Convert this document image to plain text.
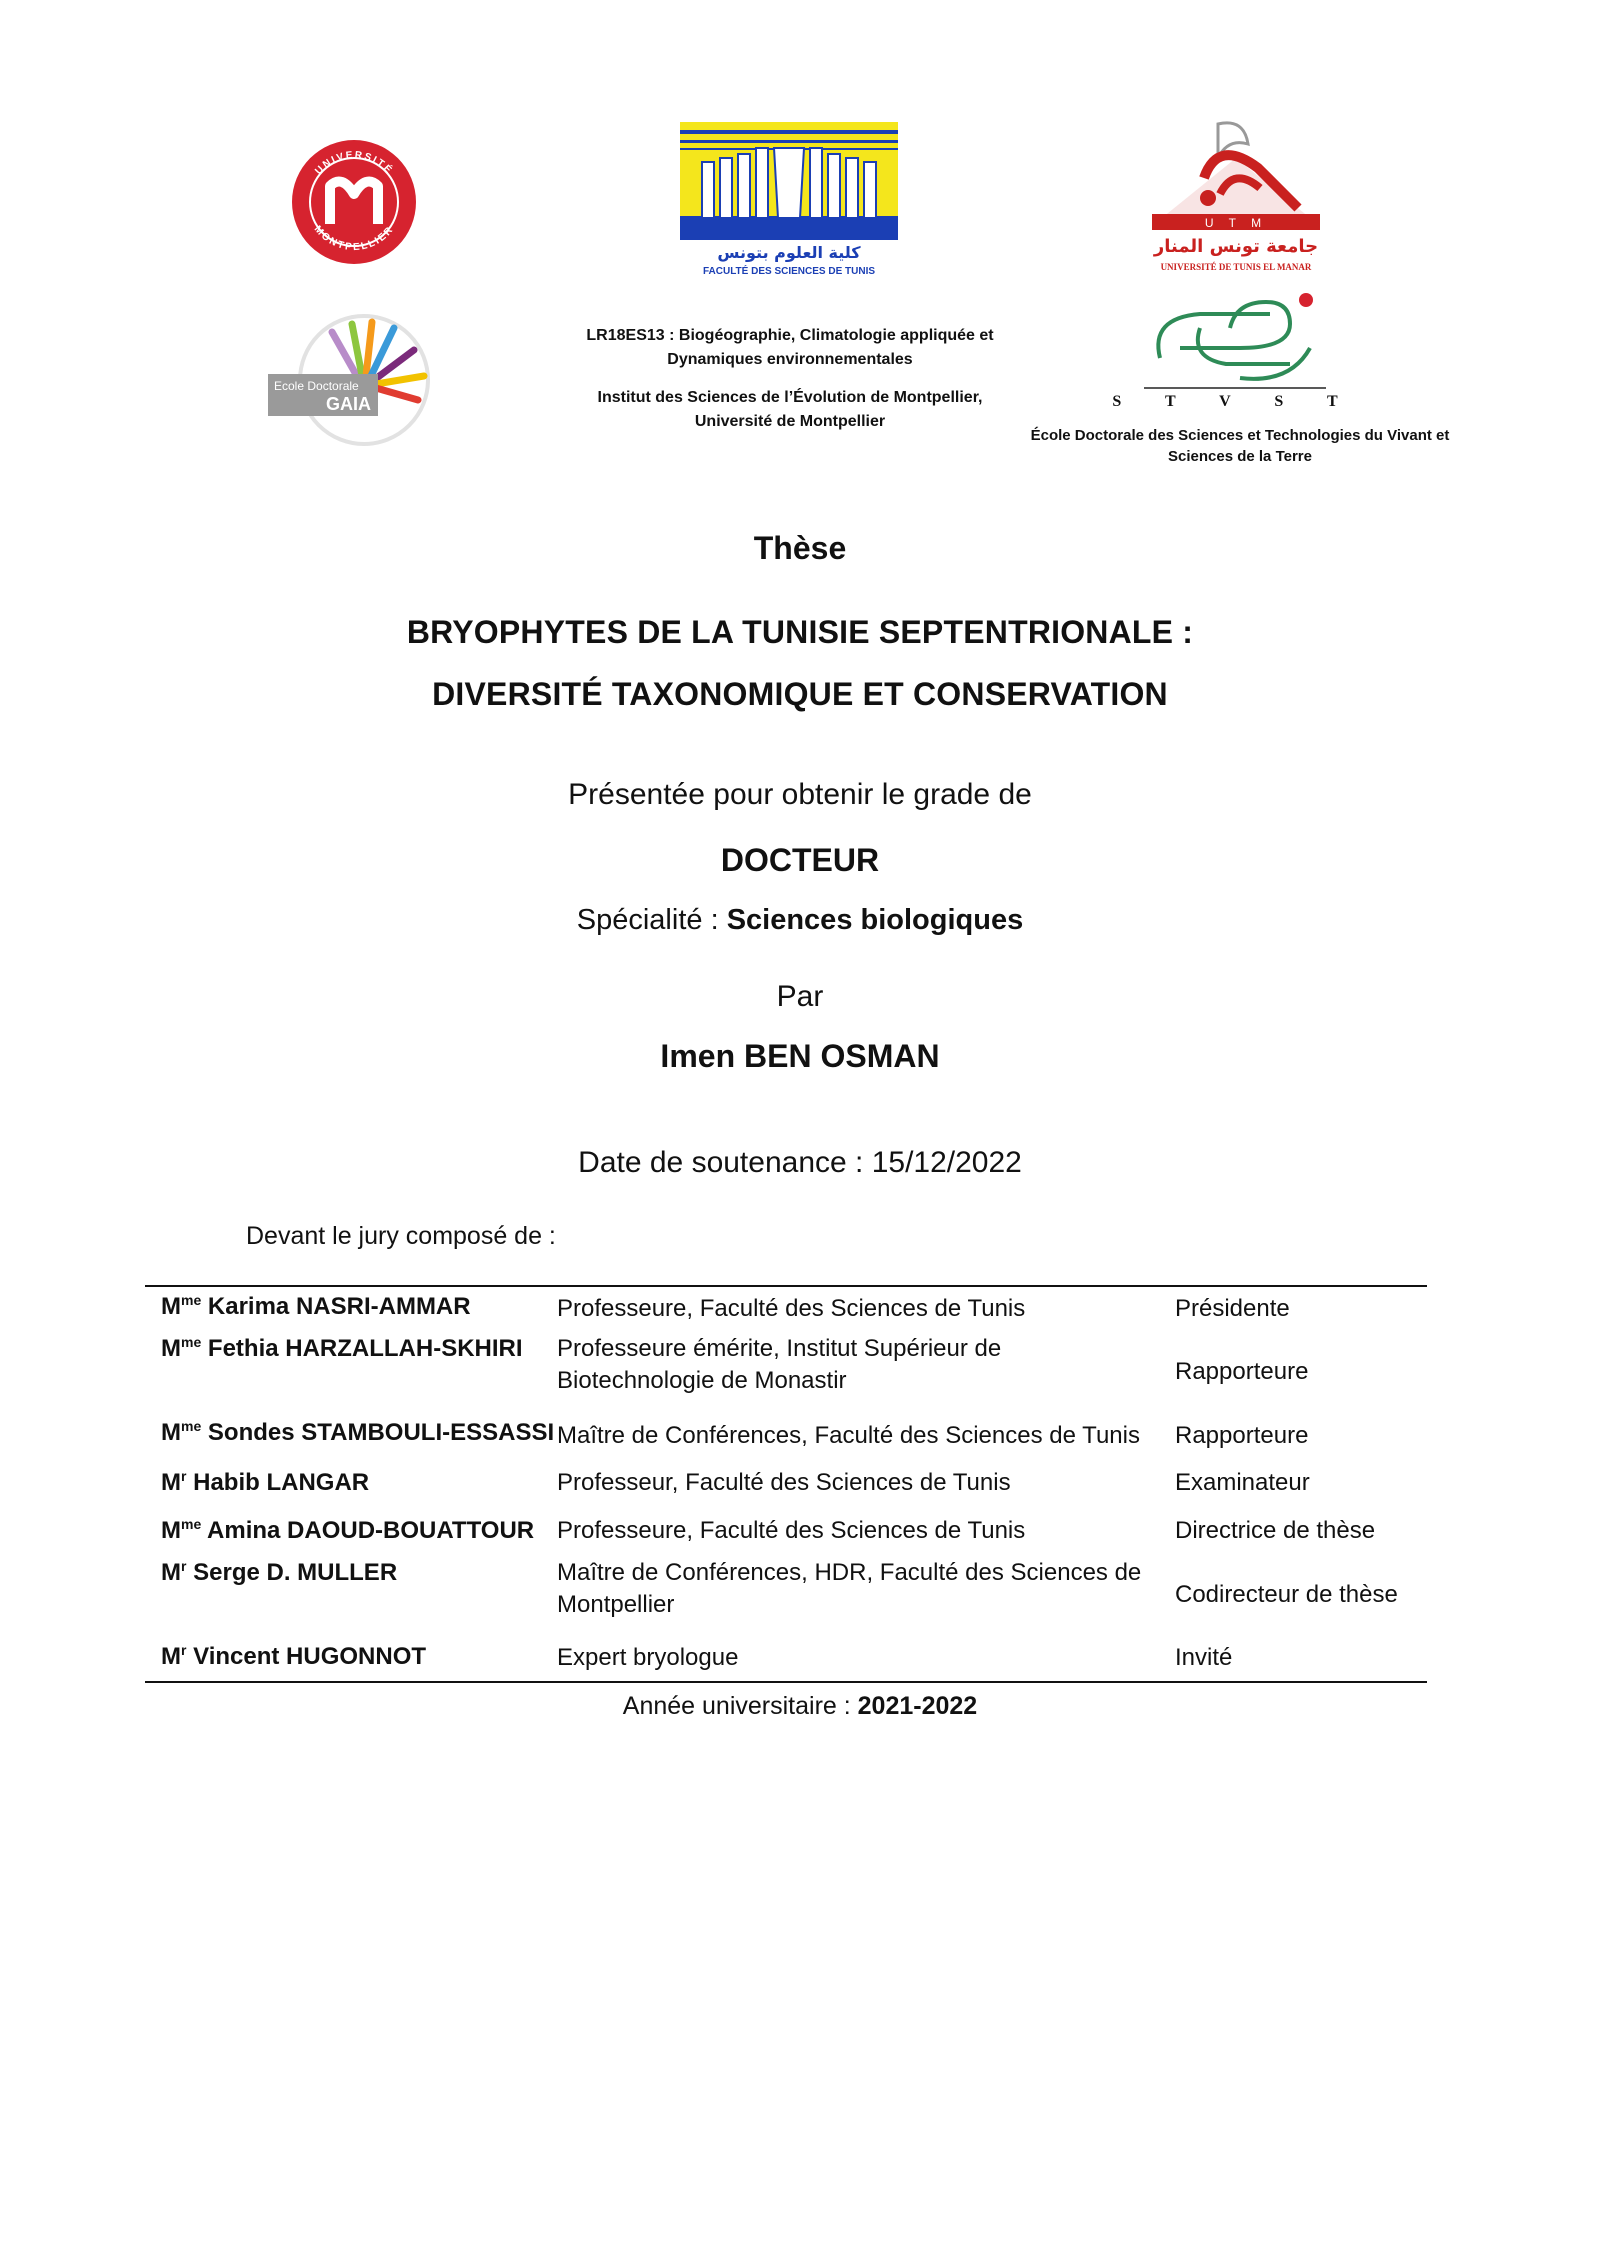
UNIVERSITÉ
MONTPELLIER
كلية العلوم بتونس
FACULTÉ DES SCIENCES DE TUNIS
U T M
جامعة تونس المنار
UNIVERSITÉ DE TUNIS EL MANAR
Ecole Doctorale
GAIA	S T V S T
LR18ES13 : Biogéographie, Climatologie appliquée et
Dynamiques environnementales
Institut des Sciences de l’Évolution de Montpellier,
Université de Montpellier
École Doctorale des Sciences et Technologies du Vivant et
Sciences de la Terre
Thèse
BRYOPHYTES DE LA TUNISIE SEPTENTRIONALE :
DIVERSITÉ TAXONOMIQUE ET CONSERVATION
Présentée pour obtenir le grade de
DOCTEUR
Spécialité : Sciences biologiques
Par
Imen BEN OSMAN
Date de soutenance : 15/12/2022
Devant le jury composé de :
$M^{me}$ Karima NASRI-AMMAR	Professeure, Faculté des Sciences de Tunis	Présidente
$M^{me}$ Fethia HARZALLAH-SKHIRI	Professeure émérite, Institut Supérieur de
Biotechnologie de Monastir	Rapporteure
$M^{me}$ Sondes STAMBOULI-ESSASSI Maître de Conférences, Faculté des Sciences de Tunis	Rapporteure
$M^r$ Habib LANGAR	Professeur, Faculté des Sciences de Tunis	Examinateur
$M^{me}$ Amina DAOUD-BOUATTOUR Professeure, Faculté des Sciences de Tunis	Directrice de thèse
$M^r$ Serge D. MULLER	Maître de Conférences, HDR, Faculté des Sciences de
Montpellier	Codirecteur de thèse
$M^r$ Vincent HUGONNOT	Expert bryologue	Invité
Année universitaire : 2021-2022
